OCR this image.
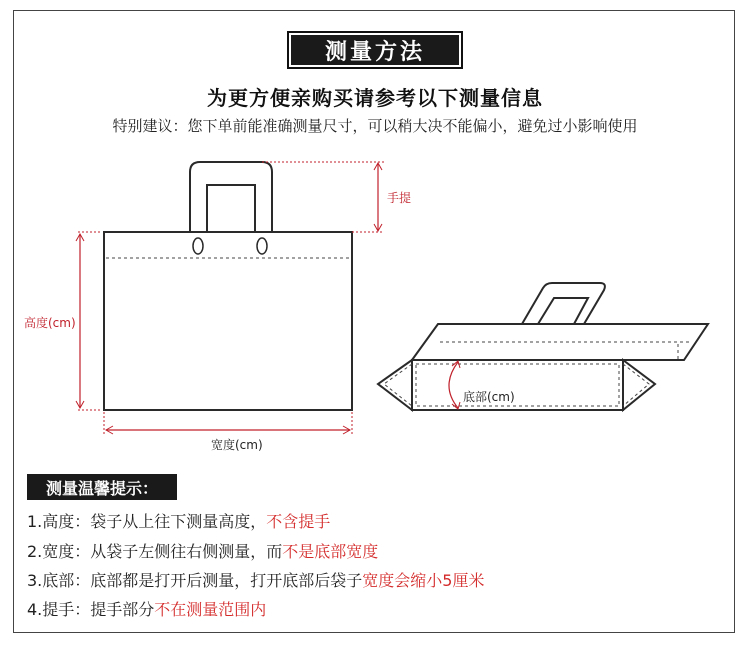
测量方法
为更方便亲购买请参考以下测量信息
特别建议：您下单前能准确测量尺寸，可以稍大决不能偏小，避免过小影响使用
手提
高度(cm)
宽度(cm)
底部(cm)
测量温馨提示：
1.高度：袋子从上往下测量高度，不含提手
2.宽度：从袋子左侧往右侧测量，而不是底部宽度
3.底部：底部都是打开后测量，打开底部后袋子宽度会缩小5厘米
4.提手：提手部分不在测量范围内
